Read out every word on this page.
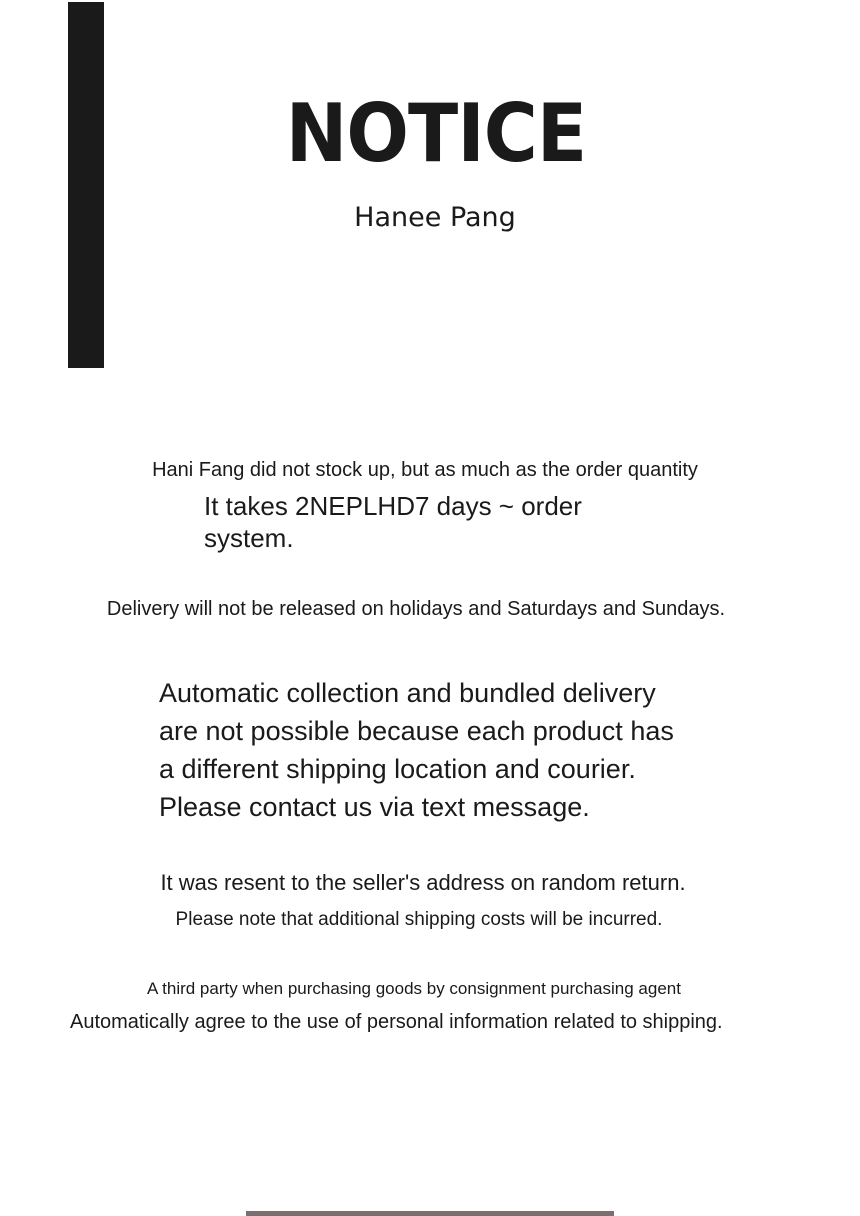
NOTICE
Hanee Pang
Hani Fang did not stock up, but as much as the order quantity
It takes 2NEPLHD7 days ~ order
system.
Delivery will not be released on holidays and Saturdays and Sundays.
Automatic collection and bundled delivery
are not possible because each product has
a different shipping location and courier.
Please contact us via text message.
It was resent to the seller's address on random return.
Please note that additional shipping costs will be incurred.
A third party when purchasing goods by consignment purchasing agent
Automatically agree to the use of personal information related to shipping.
